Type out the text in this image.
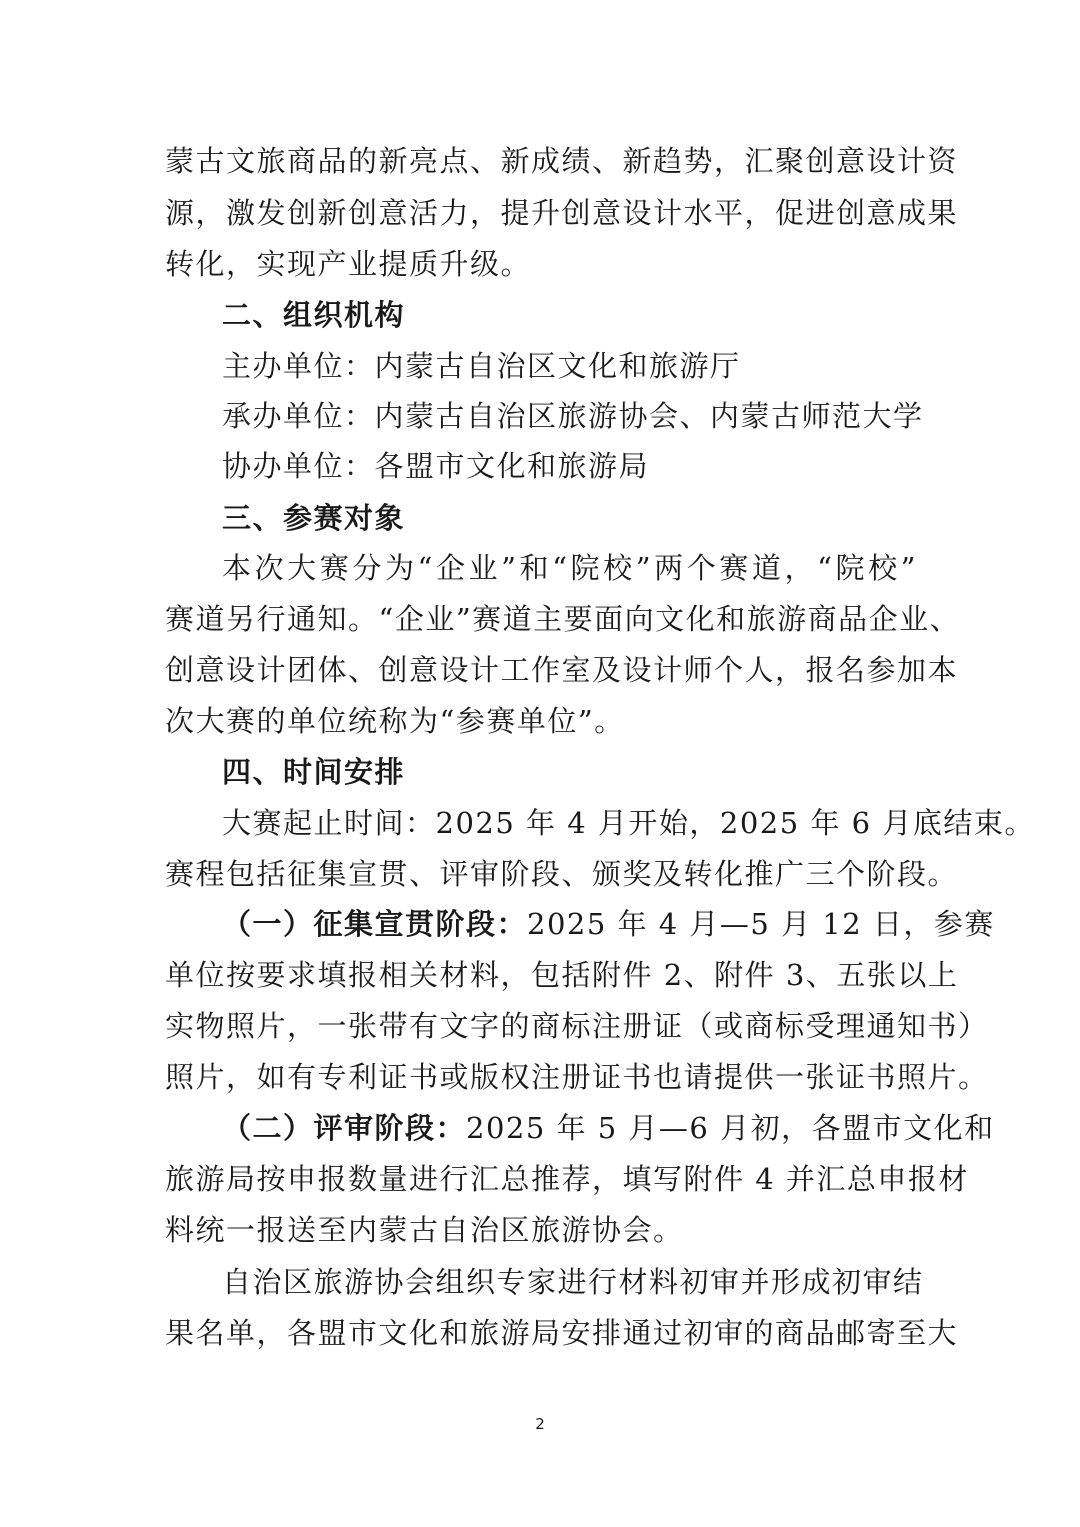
蒙古文旅商品的新亮点、新成绩、新趋势，汇聚创意设计资
源，激发创新创意活力，提升创意设计水平，促进创意成果
转化，实现产业提质升级。
二、组织机构
主办单位：内蒙古自治区文化和旅游厅
承办单位：内蒙古自治区旅游协会、内蒙古师范大学
协办单位：各盟市文化和旅游局
三、参赛对象
本次大赛分为“企业”和“院校”两个赛道，“院校”
赛道另行通知。“企业”赛道主要面向文化和旅游商品企业、
创意设计团体、创意设计工作室及设计师个人，报名参加本
次大赛的单位统称为“参赛单位”。
四、时间安排
大赛起止时间：2025 年 4 月开始，2025 年 6 月底结束。
赛程包括征集宣贯、评审阶段、颁奖及转化推广三个阶段。
（一）征集宣贯阶段：2025 年 4 月—5 月 12 日，参赛
单位按要求填报相关材料，包括附件 2、附件 3、五张以上
实物照片，一张带有文字的商标注册证（或商标受理通知书）
照片，如有专利证书或版权注册证书也请提供一张证书照片。
（二）评审阶段：2025 年 5 月—6 月初，各盟市文化和
旅游局按申报数量进行汇总推荐，填写附件 4 并汇总申报材
料统一报送至内蒙古自治区旅游协会。
自治区旅游协会组织专家进行材料初审并形成初审结
果名单，各盟市文化和旅游局安排通过初审的商品邮寄至大
2
